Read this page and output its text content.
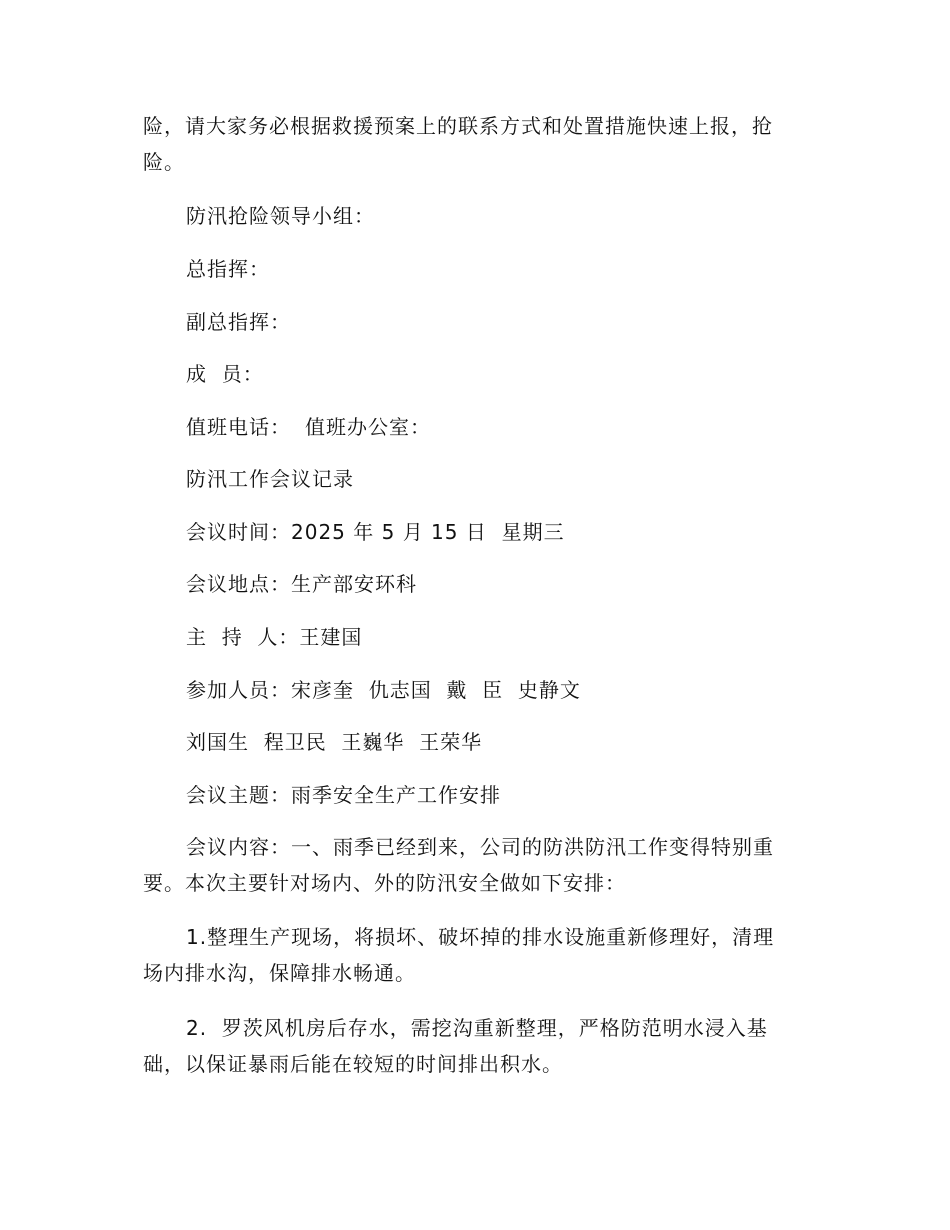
险，请大家务必根据救援预案上的联系方式和处置措施快速上报，抢
险。
防汛抢险领导小组：
总指挥：
副总指挥：
成  员：
值班电话： 值班办公室：
防汛工作会议记录
会议时间：2025 年 5 月 15 日  星期三
会议地点：生产部安环科
主  持  人：王建国
参加人员：宋彦奎  仇志国  戴  臣  史静文
刘国生  程卫民  王巍华  王荣华
会议主题：雨季安全生产工作安排
会议内容：一、雨季已经到来，公司的防洪防汛工作变得特别重
要。本次主要针对场内、外的防汛安全做如下安排：
1.整理生产现场，将损坏、破坏掉的排水设施重新修理好，清理
场内排水沟，保障排水畅通。
2.  罗茨风机房后存水，需挖沟重新整理，严格防范明水浸入基
础，以保证暴雨后能在较短的时间排出积水。
